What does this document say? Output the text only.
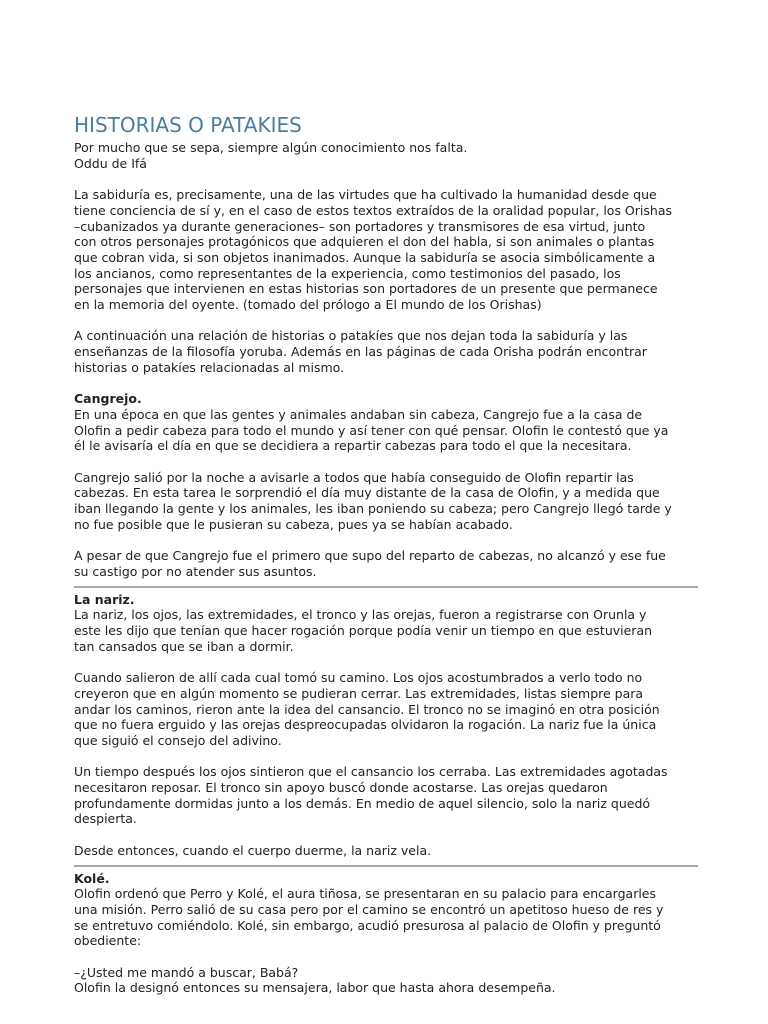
HISTORIAS O PATAKIES

Por mucho que se sepa, siempre algún conocimiento nos falta.

Oddu de Ifá

La sabiduría es, precisamente, una de las virtudes que ha cultivado la humanidad desde que

tiene conciencia de sí y, en el caso de estos textos extraídos de la oralidad popular, los Orishas

–cubanizados ya durante generaciones– son portadores y transmisores de esa virtud, junto

con otros personajes protagónicos que adquieren el don del habla, si son animales o plantas

que cobran vida, si son objetos inanimados. Aunque la sabiduría se asocia simbólicamente a

los ancianos, como representantes de la experiencia, como testimonios del pasado, los

personajes que intervienen en estas historias son portadores de un presente que permanece

en la memoria del oyente. (tomado del prólogo a El mundo de los Orishas)

A continuación una relación de historias o patakíes que nos dejan toda la sabiduría y las

enseñanzas de la filosofía yoruba. Además en las páginas de cada Orisha podrán encontrar

historias o patakíes relacionadas al mismo.

Cangrejo.

En una época en que las gentes y animales andaban sin cabeza, Cangrejo fue a la casa de

Olofin a pedir cabeza para todo el mundo y así tener con qué pensar. Olofin le contestó que ya

él le avisaría el día en que se decidiera a repartir cabezas para todo el que la necesitara.

Cangrejo salió por la noche a avisarle a todos que había conseguido de Olofin repartir las

cabezas. En esta tarea le sorprendió el día muy distante de la casa de Olofin, y a medida que

iban llegando la gente y los animales, les iban poniendo su cabeza; pero Cangrejo llegó tarde y

no fue posible que le pusieran su cabeza, pues ya se habían acabado.

A pesar de que Cangrejo fue el primero que supo del reparto de cabezas, no alcanzó y ese fue

su castigo por no atender sus asuntos.

La nariz.

La nariz, los ojos, las extremidades, el tronco y las orejas, fueron a registrarse con Orunla y

este les dijo que tenían que hacer rogación porque podía venir un tiempo en que estuvieran

tan cansados que se iban a dormir.

Cuando salieron de allí cada cual tomó su camino. Los ojos acostumbrados a verlo todo no

creyeron que en algún momento se pudieran cerrar. Las extremidades, listas siempre para

andar los caminos, rieron ante la idea del cansancio. El tronco no se imaginó en otra posición

que no fuera erguido y las orejas despreocupadas olvidaron la rogación. La nariz fue la única

que siguió el consejo del adivino.

Un tiempo después los ojos sintieron que el cansancio los cerraba. Las extremidades agotadas

necesitaron reposar. El tronco sin apoyo buscó donde acostarse. Las orejas quedaron

profundamente dormidas junto a los demás. En medio de aquel silencio, solo la nariz quedó

despierta.

Desde entonces, cuando el cuerpo duerme, la nariz vela.

Kolé.

Olofin ordenó que Perro y Kolé, el aura tiñosa, se presentaran en su palacio para encargarles

una misión. Perro salió de su casa pero por el camino se encontró un apetitoso hueso de res y

se entretuvo comiéndolo. Kolé, sin embargo, acudió presurosa al palacio de Olofin y preguntó

obediente:

–¿Usted me mandó a buscar, Babá?

Olofin la designó entonces su mensajera, labor que hasta ahora desempeña.
